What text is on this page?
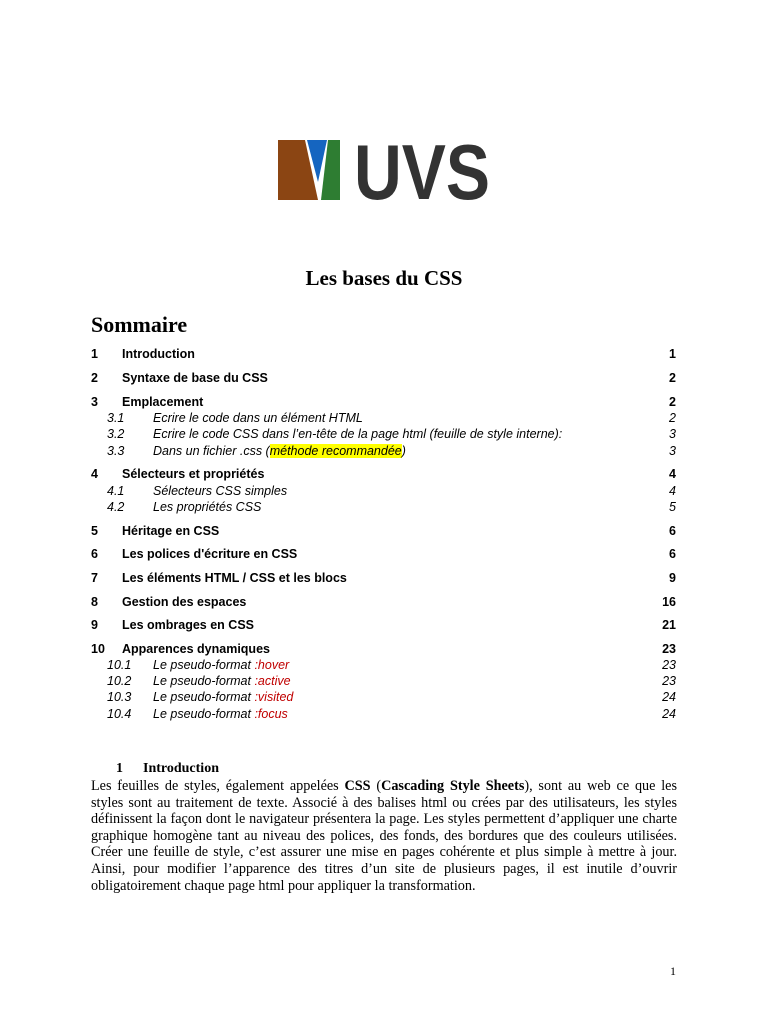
UVS
Les bases du CSS
Sommaire
1 Introduction	1
2 Syntaxe de base du CSS	2
3 Emplacement	2
3.1 Ecrire le code dans un élément HTML	2
3.2 Ecrire le code CSS dans l’en-tête de la page html (feuille de style interne):	3
3.3 Dans un fichier .css (méthode recommandée)	3
4 Sélecteurs et propriétés	4
4.1 Sélecteurs CSS simples	4
4.2 Les propriétés CSS	5
5 Héritage en CSS	6
6 Les polices d'écriture en CSS	6
7 Les éléments HTML / CSS et les blocs	9
8 Gestion des espaces	16
9 Les ombrages en CSS	21
10 Apparences dynamiques	23
10.1 Le pseudo-format :hover	23
10.2 Le pseudo-format :active	23
10.3 Le pseudo-format :visited	24
10.4 Le pseudo-format :focus	24
1 Introduction
Les feuilles de styles, également appelées CSS (Cascading Style Sheets), sont au web ce que les styles sont au traitement de texte. Associé à des balises html ou crées par des utilisateurs, les styles définissent la façon dont le navigateur présentera la page. Les styles permettent d’appliquer une charte graphique homogène tant au niveau des polices, des fonds, des bordures que des couleurs utilisées. Créer une feuille de style, c’est assurer une mise en pages cohérente et plus simple à mettre à jour. Ainsi, pour modifier l’apparence des titres d’un site de plusieurs pages, il est inutile d’ouvrir obligatoirement chaque page html pour appliquer la transformation.
1
